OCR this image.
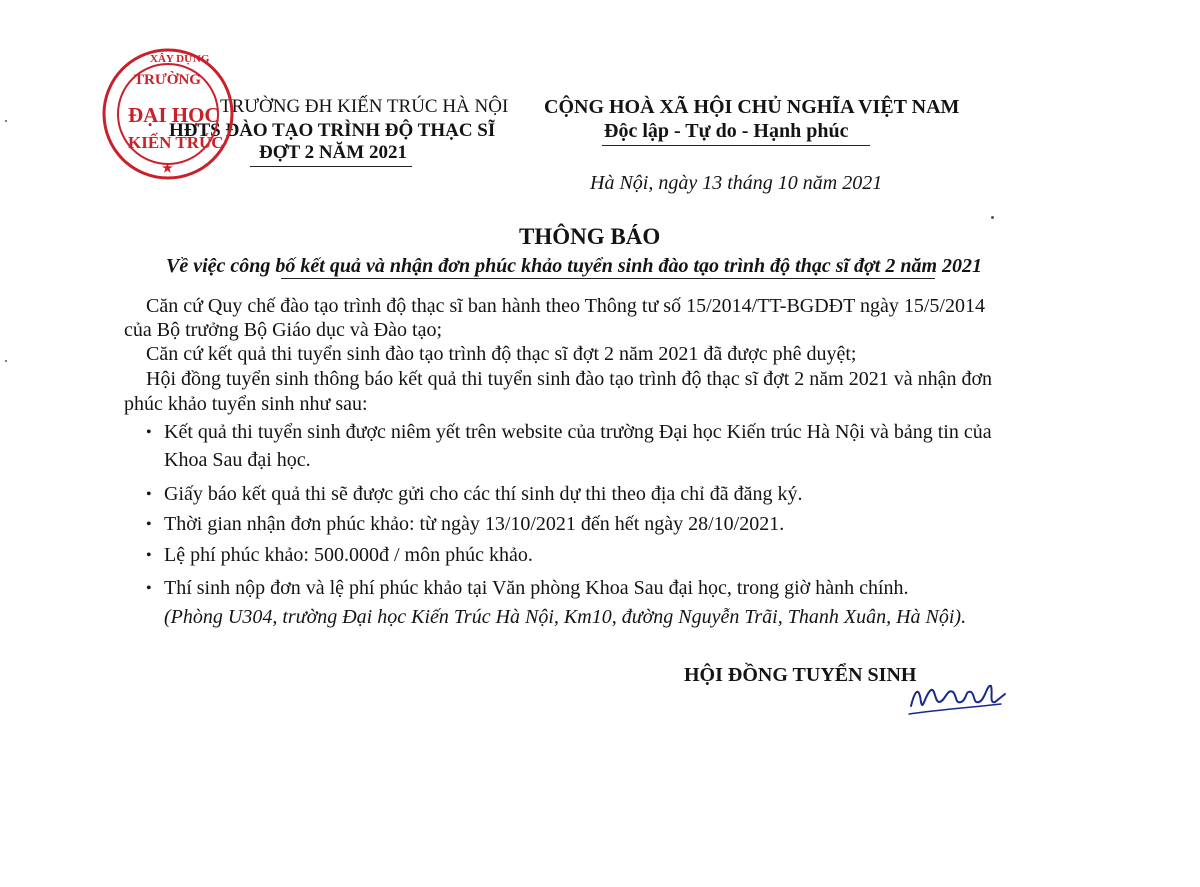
TRƯỜNG ĐH KIẾN TRÚC HÀ NỘI
HĐTS ĐÀO TẠO TRÌNH ĐỘ THẠC SĨ
ĐỢT 2 NĂM 2021
CỘNG HOÀ XÃ HỘI CHỦ NGHĨA VIỆT NAM
Độc lập - Tự do - Hạnh phúc
Hà Nội, ngày 13 tháng 10 năm 2021
XÂY DỰNG
TRƯỜNG
ĐẠI HỌC
KIẾN TRÚC
★
THÔNG BÁO
Về việc công bố kết quả và nhận đơn phúc khảo tuyển sinh đào tạo trình độ thạc sĩ đợt 2 năm 2021
Căn cứ Quy chế đào tạo trình độ thạc sĩ ban hành theo Thông tư số 15/2014/TT-BGDĐT ngày 15/5/2014
của Bộ trưởng Bộ Giáo dục và Đào tạo;
Căn cứ kết quả thi tuyển sinh đào tạo trình độ thạc sĩ đợt 2 năm 2021 đã được phê duyệt;
Hội đồng tuyển sinh thông báo kết quả thi tuyển sinh đào tạo trình độ thạc sĩ đợt 2 năm 2021 và nhận đơn
phúc khảo tuyển sinh như sau:
• Kết quả thi tuyển sinh được niêm yết trên website của trường Đại học Kiến trúc Hà Nội và bảng tin của
Khoa Sau đại học.
• Giấy báo kết quả thi sẽ được gửi cho các thí sinh dự thi theo địa chỉ đã đăng ký.
• Thời gian nhận đơn phúc khảo: từ ngày 13/10/2021 đến hết ngày 28/10/2021.
• Lệ phí phúc khảo: 500.000đ / môn phúc khảo.
• Thí sinh nộp đơn và lệ phí phúc khảo tại Văn phòng Khoa Sau đại học, trong giờ hành chính.
(Phòng U304, trường Đại học Kiến Trúc Hà Nội, Km10, đường Nguyễn Trãi, Thanh Xuân, Hà Nội).
HỘI ĐỒNG TUYỂN SINH
